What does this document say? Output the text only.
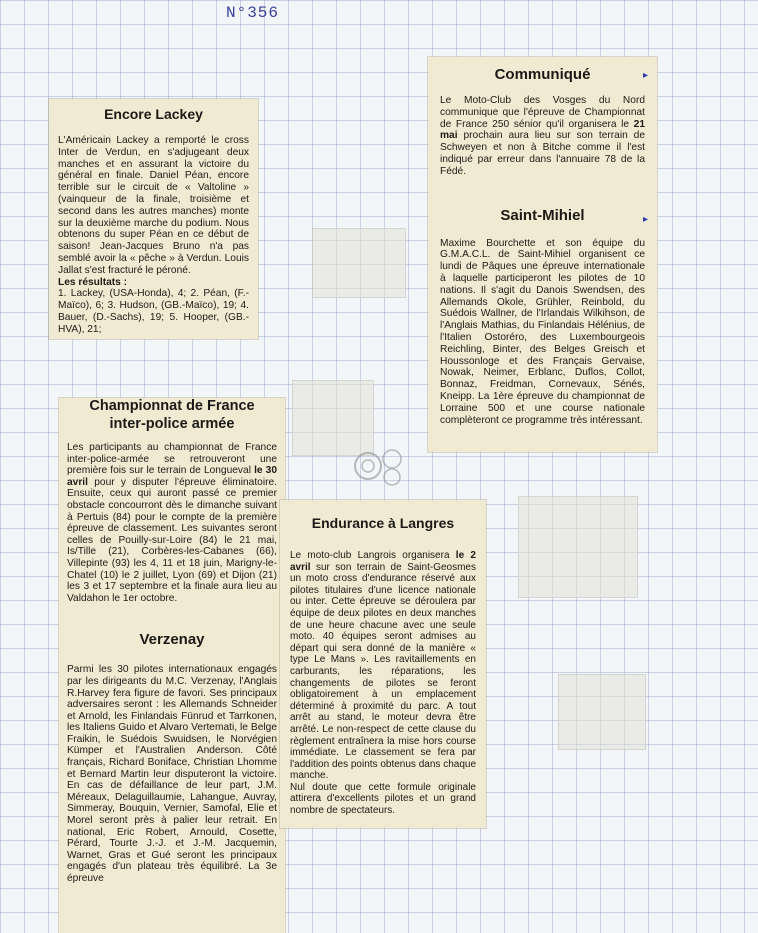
N°356
Encore Lackey

L'Américain Lackey a remporté le cross Inter de Verdun, en s'adjugeant deux manches et en assurant la victoire du général en finale. Daniel Péan, encore terrible sur le circuit de « Valtoline » (vainqueur de la finale, troisième et second dans les autres manches) monte sur la deuxième marche du podium. Nous obtenons du super Péan en ce début de saison! Jean-Jacques Bruno n'a pas semblé avoir la « pêche » à Verdun. Louis Jallat s'est fracturé le péroné.

Les résultats :

1. Lackey, (USA-Honda), 4; 2. Péan, (F.-Maïco), 6; 3. Hudson, (GB.-Maïco), 19; 4. Bauer, (D.-Sachs), 19; 5. Hooper, (GB.-HVA), 21;

Communiqué

Le Moto-Club des Vosges du Nord communique que l'épreuve de Championnat de France 250 sénior qu'il organisera le 21 mai prochain aura lieu sur son terrain de Schweyen et non à Bitche comme il l'est indiqué par erreur dans l'annuaire 78 de la Fédé.

Saint-Mihiel

Maxime Bourchette et son équipe du G.M.A.C.L. de Saint-Mihiel organisent ce lundi de Pâques une épreuve internationale à laquelle participeront les pilotes de 10 nations. Il s'agit du Danois Swendsen, des Allemands Okole, Grühler, Reinbold, du Suédois Wallner, de l'Irlandais Wilkihson, de l'Anglais Mathias, du Finlandais Hélénius, de l'Italien Ostoréro, des Luxembourgeois Reichling, Binter, des Belges Greisch et Houssonloge et des Français Gervaise, Nowak, Neimer, Erblanc, Duflos, Collot, Bonnaz, Freidman, Cornevaux, Sénés, Kneipp. La 1ère épreuve du championnat de Lorraine 500 et une course nationale complèteront ce programme très intéressant.

▸
▸
Championnat de France
inter-police armée

Les participants au championnat de France inter-police-armée se retrouveront une première fois sur le terrain de Longueval le 30 avril pour y disputer l'épreuve éliminatoire. Ensuite, ceux qui auront passé ce premier obstacle concourront dès le dimanche suivant à Pertuis (84) pour le compte de la première épreuve de classement. Les suivantes seront celles de Pouilly-sur-Loire (84) le 21 mai, Is/Tille (21), Corbères-les-Cabanes (66), Villepinte (93) les 4, 11 et 18 juin, Marigny-le-Chatel (10) le 2 juillet, Lyon (69) et Dijon (21) les 3 et 17 septembre et la finale aura lieu au Valdahon le 1er octobre.

Verzenay

Parmi les 30 pilotes internationaux engagés par les dirigeants du M.C. Verzenay, l'Anglais R.Harvey fera figure de favori. Ses principaux adversaires seront : les Allemands Schneider et Arnold, les Finlandais Fünrud et Tarrkonen, les Italiens Guido et Alvaro Vertemati, le Belge Fraikin, le Suédois Swuidsen, le Norvégien Kümper et l'Australien Anderson. Côté français, Richard Boniface, Christian Lhomme et Bernard Martin leur disputeront la victoire. En cas de défaillance de leur part, J.M. Méreaux, Delaguillaumie, Lahangue, Auvray, Simmeray, Bouquin, Vernier, Samofal, Elie et Morel seront près à palier leur retrait. En national, Eric Robert, Arnould, Cosette, Pérard, Tourte J.-J. et J.-M. Jacquemin, Warnet, Gras et Gué seront les principaux engagés d'un plateau très équilibré. La 3e épreuve

Endurance à Langres

Le moto-club Langrois organisera le 2 avril sur son terrain de Saint-Geosmes un moto cross d'endurance réservé aux pilotes titulaires d'une licence nationale ou inter. Cette épreuve se déroulera par équipe de deux pilotes en deux manches de une heure chacune avec une seule moto. 40 équipes seront admises au départ qui sera donné de la manière « type Le Mans ». Les ravitaillements en carburants, les réparations, les changements de pilotes se feront obligatoirement à un emplacement déterminé à proximité du parc. A tout arrêt au stand, le moteur devra être arrêté. Le non-respect de cette clause du règlement entraînera la mise hors course immédiate. Le classement se fera par l'addition des points obtenus dans chaque manche.

Nul doute que cette formule originale attirera d'excellents pilotes et un grand nombre de spectateurs.
